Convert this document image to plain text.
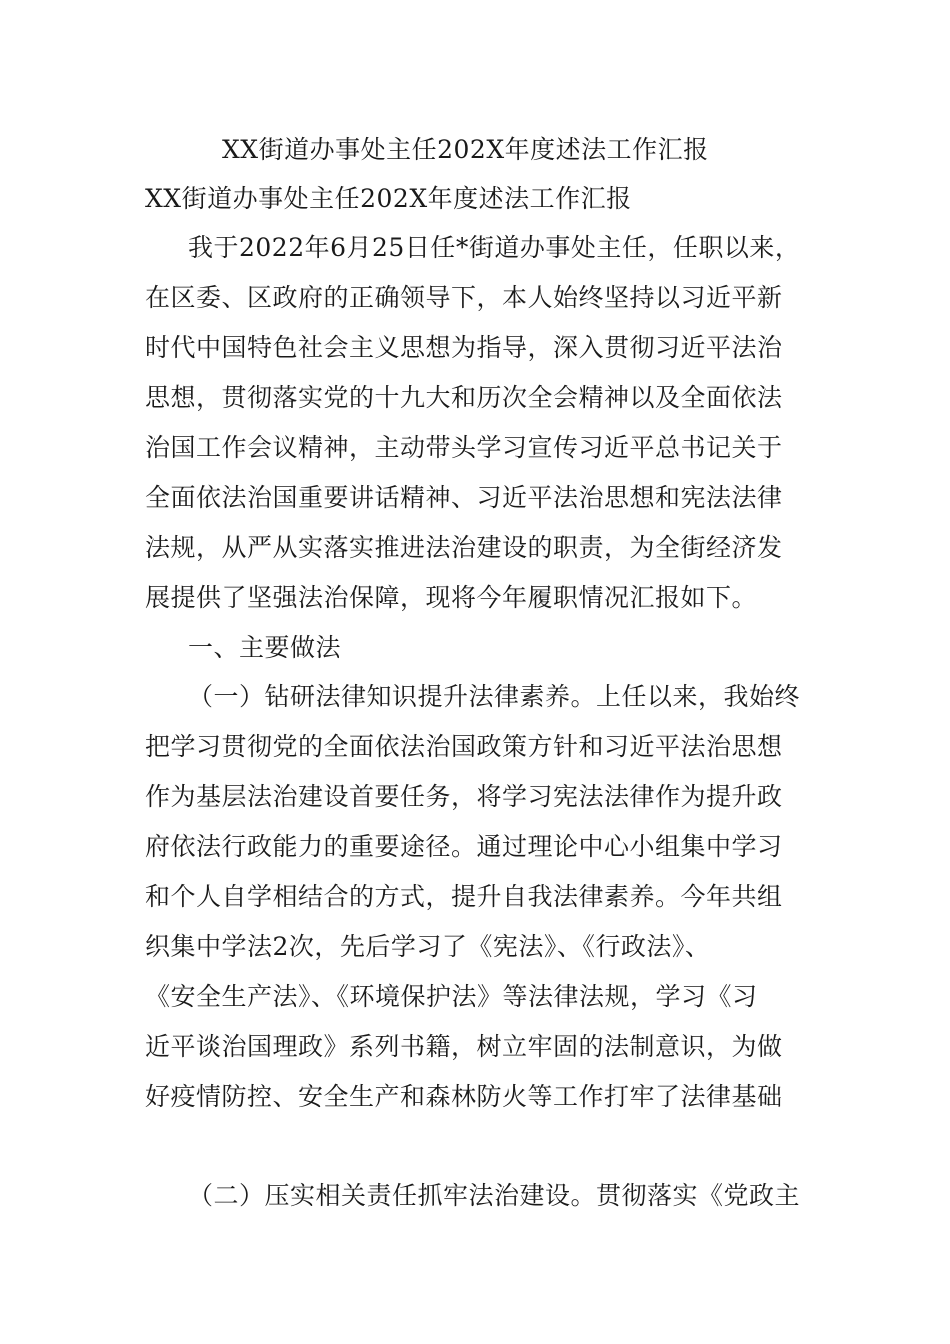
XX街道办事处主任202X年度述法工作汇报
XX街道办事处主任202X年度述法工作汇报
我于2022年6月25日任*街道办事处主任，任职以来，
在区委、区政府的正确领导下，本人始终坚持以习近平新
时代中国特色社会主义思想为指导，深入贯彻习近平法治
思想，贯彻落实党的十九大和历次全会精神以及全面依法
治国工作会议精神，主动带头学习宣传习近平总书记关于
全面依法治国重要讲话精神、习近平法治思想和宪法法律
法规，从严从实落实推进法治建设的职责，为全街经济发
展提供了坚强法治保障，现将今年履职情况汇报如下。
一、主要做法
（一）钻研法律知识提升法律素养。上任以来，我始终
把学习贯彻党的全面依法治国政策方针和习近平法治思想
作为基层法治建设首要任务，将学习宪法法律作为提升政
府依法行政能力的重要途径。通过理论中心小组集中学习
和个人自学相结合的方式，提升自我法律素养。今年共组
织集中学法2次，先后学习了《宪法》、《行政法》、
《安全生产法》、《环境保护法》等法律法规，学习《习
近平谈治国理政》系列书籍，树立牢固的法制意识，为做
好疫情防控、安全生产和森林防火等工作打牢了法律基础
（二）压实相关责任抓牢法治建设。贯彻落实《党政主
